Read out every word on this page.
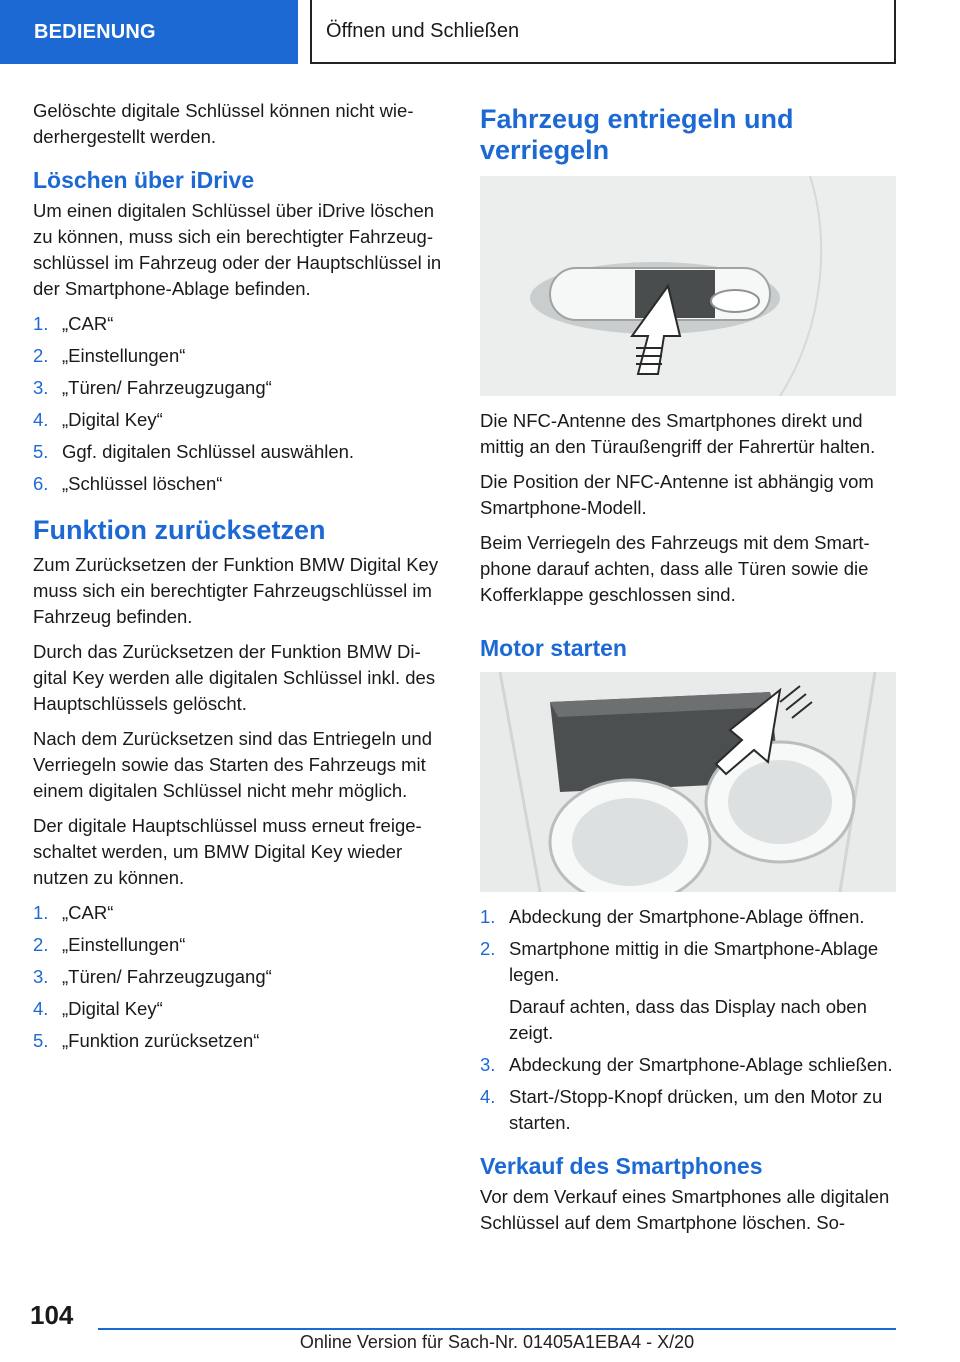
BEDIENUNG	Öffnen und Schließen

Gelöschte digitale Schlüssel können nicht wiederhergestellt werden.

Löschen über iDrive

Um einen digitalen Schlüssel über iDrive löschen zu können, muss sich ein berechtigter Fahrzeugschlüssel im Fahrzeug oder der Hauptschlüssel in der Smartphone-Ablage befinden.

1. „CAR“
2. „Einstellungen“
3. „Türen/ Fahrzeugzugang“
4. „Digital Key“
5. Ggf. digitalen Schlüssel auswählen.
6. „Schlüssel löschen“
Funktion zurücksetzen

Zum Zurücksetzen der Funktion BMW Digital Key muss sich ein berechtigter Fahrzeugschlüssel im Fahrzeug befinden.

Durch das Zurücksetzen der Funktion BMW Digital Key werden alle digitalen Schlüssel inkl. des Hauptschlüssels gelöscht.

Nach dem Zurücksetzen sind das Entriegeln und Verriegeln sowie das Starten des Fahrzeugs mit einem digitalen Schlüssel nicht mehr möglich.

Der digitale Hauptschlüssel muss erneut freigeschaltet werden, um BMW Digital Key wieder nutzen zu können.

1. „CAR“
2. „Einstellungen“
3. „Türen/ Fahrzeugzugang“
4. „Digital Key“
5. „Funktion zurücksetzen“
Fahrzeug entriegeln und verriegeln

Die NFC-Antenne des Smartphones direkt und mittig an den Türaußengriff der Fahrertür halten.

Die Position der NFC-Antenne ist abhängig vom Smartphone-Modell.

Beim Verriegeln des Fahrzeugs mit dem Smartphone darauf achten, dass alle Türen sowie die Kofferklappe geschlossen sind.

Motor starten
1. Abdeckung der Smartphone-Ablage öffnen.
2. Smartphone mittig in die Smartphone-Ablage legen.
Darauf achten, dass das Display nach oben zeigt.
3. Abdeckung der Smartphone-Ablage schließen.
4. Start-/Stopp-Knopf drücken, um den Motor zu starten.
Verkauf des Smartphones

Vor dem Verkauf eines Smartphones alle digitalen Schlüssel auf dem Smartphone löschen. So-

104
Online Version für Sach-Nr. 01405A1EBA4 - X/20
